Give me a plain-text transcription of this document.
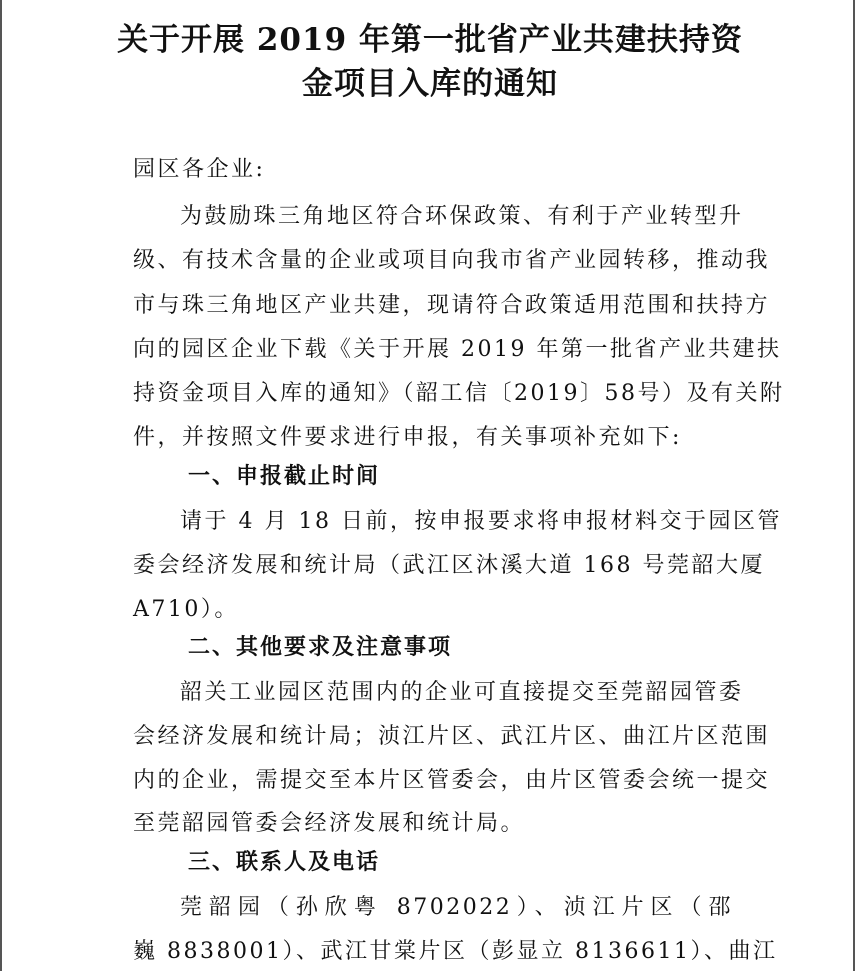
关于开展 2019 年第一批省产业共建扶持资
金项目入库的通知
园区各企业:
为鼓励珠三角地区符合环保政策、有利于产业转型升
级、有技术含量的企业或项目向我市省产业园转移，推动我
市与珠三角地区产业共建，现请符合政策适用范围和扶持方
向的园区企业下载《关于开展 2019 年第一批省产业共建扶
持资金项目入库的通知》（韶工信〔2019〕58号）及有关附
件，并按照文件要求进行申报，有关事项补充如下:
一、申报截止时间
请于 4 月 18 日前，按申报要求将申报材料交于园区管
委会经济发展和统计局（武江区沐溪大道 168 号莞韶大厦
A710）。
二、其他要求及注意事项
韶关工业园区范围内的企业可直接提交至莞韶园管委
会经济发展和统计局；浈江片区、武江片区、曲江片区范围
内的企业，需提交至本片区管委会，由片区管委会统一提交
至莞韶园管委会经济发展和统计局。
三、联系人及电话
莞韶园（孙欣粤 8702022）、浈江片区（邵
巍 8838001）、武江甘棠片区（彭显立 8136611）、曲江
